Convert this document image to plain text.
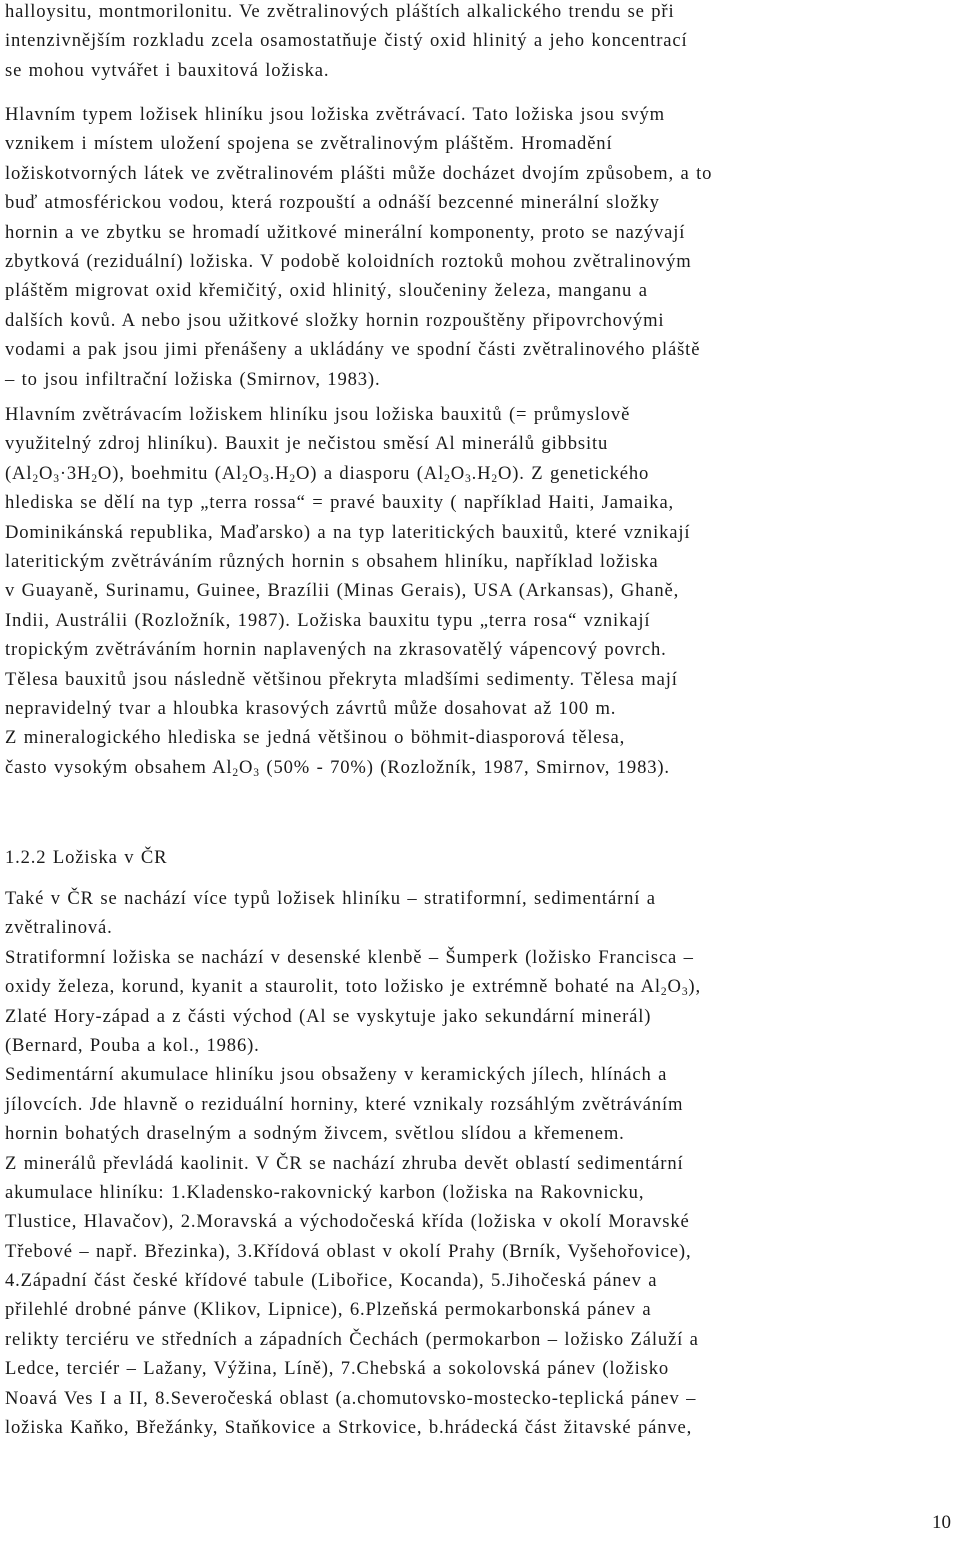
halloysitu, montmorilonitu. Ve zvětralinových pláštích alkalického trendu se při
intenzivnějším rozkladu zcela osamostatňuje čistý oxid hlinitý a jeho koncentrací
se mohou vytvářet i bauxitová ložiska.
Hlavním typem ložisek hliníku jsou ložiska zvětrávací. Tato ložiska jsou svým
vznikem i místem uložení spojena se zvětralinovým pláštěm. Hromadění
ložiskotvorných látek ve zvětralinovém plášti může docházet dvojím způsobem, a to
buď atmosférickou vodou, která rozpouští a odnáší bezcenné minerální složky
hornin a ve zbytku se hromadí užitkové minerální komponenty, proto se nazývají
zbytková (reziduální) ložiska. V podobě koloidních roztoků mohou zvětralinovým
pláštěm migrovat oxid křemičitý, oxid hlinitý, sloučeniny železa, manganu a
dalších kovů. A nebo jsou užitkové složky hornin rozpouštěny připovrchovými
vodami a pak jsou jimi přenášeny a ukládány ve spodní části zvětralinového pláště
– to jsou infiltrační ložiska (Smirnov, 1983).
Hlavním zvětrávacím ložiskem hliníku jsou ložiska bauxitů (= průmyslově
využitelný zdroj hliníku). Bauxit je nečistou směsí Al minerálů gibbsitu
$(Al_2O_3\cdot 3H_2O)$, boehmitu $(Al_2O_3.H_2O)$ a diasporu $(Al_2O_3.H_2O)$. Z genetického
hlediska se dělí na typ „terra rossa“ = pravé bauxity ( například Haiti, Jamaika,
Dominikánská republika, Maďarsko) a na typ lateritických bauxitů, které vznikají
lateritickým zvětráváním různých hornin s obsahem hliníku, například ložiska
v Guayaně, Surinamu, Guinee, Brazílii (Minas Gerais), USA (Arkansas), Ghaně,
Indii, Austrálii (Rozložník, 1987). Ložiska bauxitu typu „terra rosa“ vznikají
tropickým zvětráváním hornin naplavených na zkrasovatělý vápencový povrch.
Tělesa bauxitů jsou následně většinou překryta mladšími sedimenty. Tělesa mají
nepravidelný tvar a hloubka krasových závrtů může dosahovat až 100 m.
Z mineralogického hlediska se jedná většinou o böhmit-diasporová tělesa,
často vysokým obsahem $Al_2O_3$ (50% - 70%) (Rozložník, 1987, Smirnov, 1983).
1.2.2 Ložiska v ČR
Také v ČR se nachází více typů ložisek hliníku – stratiformní, sedimentární a
zvětralinová.
Stratiformní ložiska se nachází v desenské klenbě – Šumperk (ložisko Francisca –
oxidy železa, korund, kyanit a staurolit, toto ložisko je extrémně bohaté na $Al_2O_3$),
Zlaté Hory-západ a z části východ (Al se vyskytuje jako sekundární minerál)
(Bernard, Pouba a kol., 1986).
Sedimentární akumulace hliníku jsou obsaženy v keramických jílech, hlínách a
jílovcích. Jde hlavně o reziduální horniny, které vznikaly rozsáhlým zvětráváním
hornin bohatých draselným a sodným živcem, světlou slídou a křemenem.
Z minerálů převládá kaolinit. V ČR se nachází zhruba devět oblastí sedimentární
akumulace hliníku: 1.Kladensko-rakovnický karbon (ložiska na Rakovnicku,
Tlustice, Hlavačov), 2.Moravská a východočeská křída (ložiska v okolí Moravské
Třebové – např. Březinka), 3.Křídová oblast v okolí Prahy (Brník, Vyšehořovice),
4.Západní část české křídové tabule (Libořice, Kocanda), 5.Jihočeská pánev a
přilehlé drobné pánve (Klikov, Lipnice), 6.Plzeňská permokarbonská pánev a
relikty terciéru ve středních a západních Čechách (permokarbon – ložisko Záluží a
Ledce, terciér – Lažany, Výžina, Líně), 7.Chebská a sokolovská pánev (ložisko
Noavá Ves I a II, 8.Severočeská oblast (a.chomutovsko-mostecko-teplická pánev –
ložiska Kaňko, Břežánky, Staňkovice a Strkovice, b.hrádecká část žitavské pánve,
10
